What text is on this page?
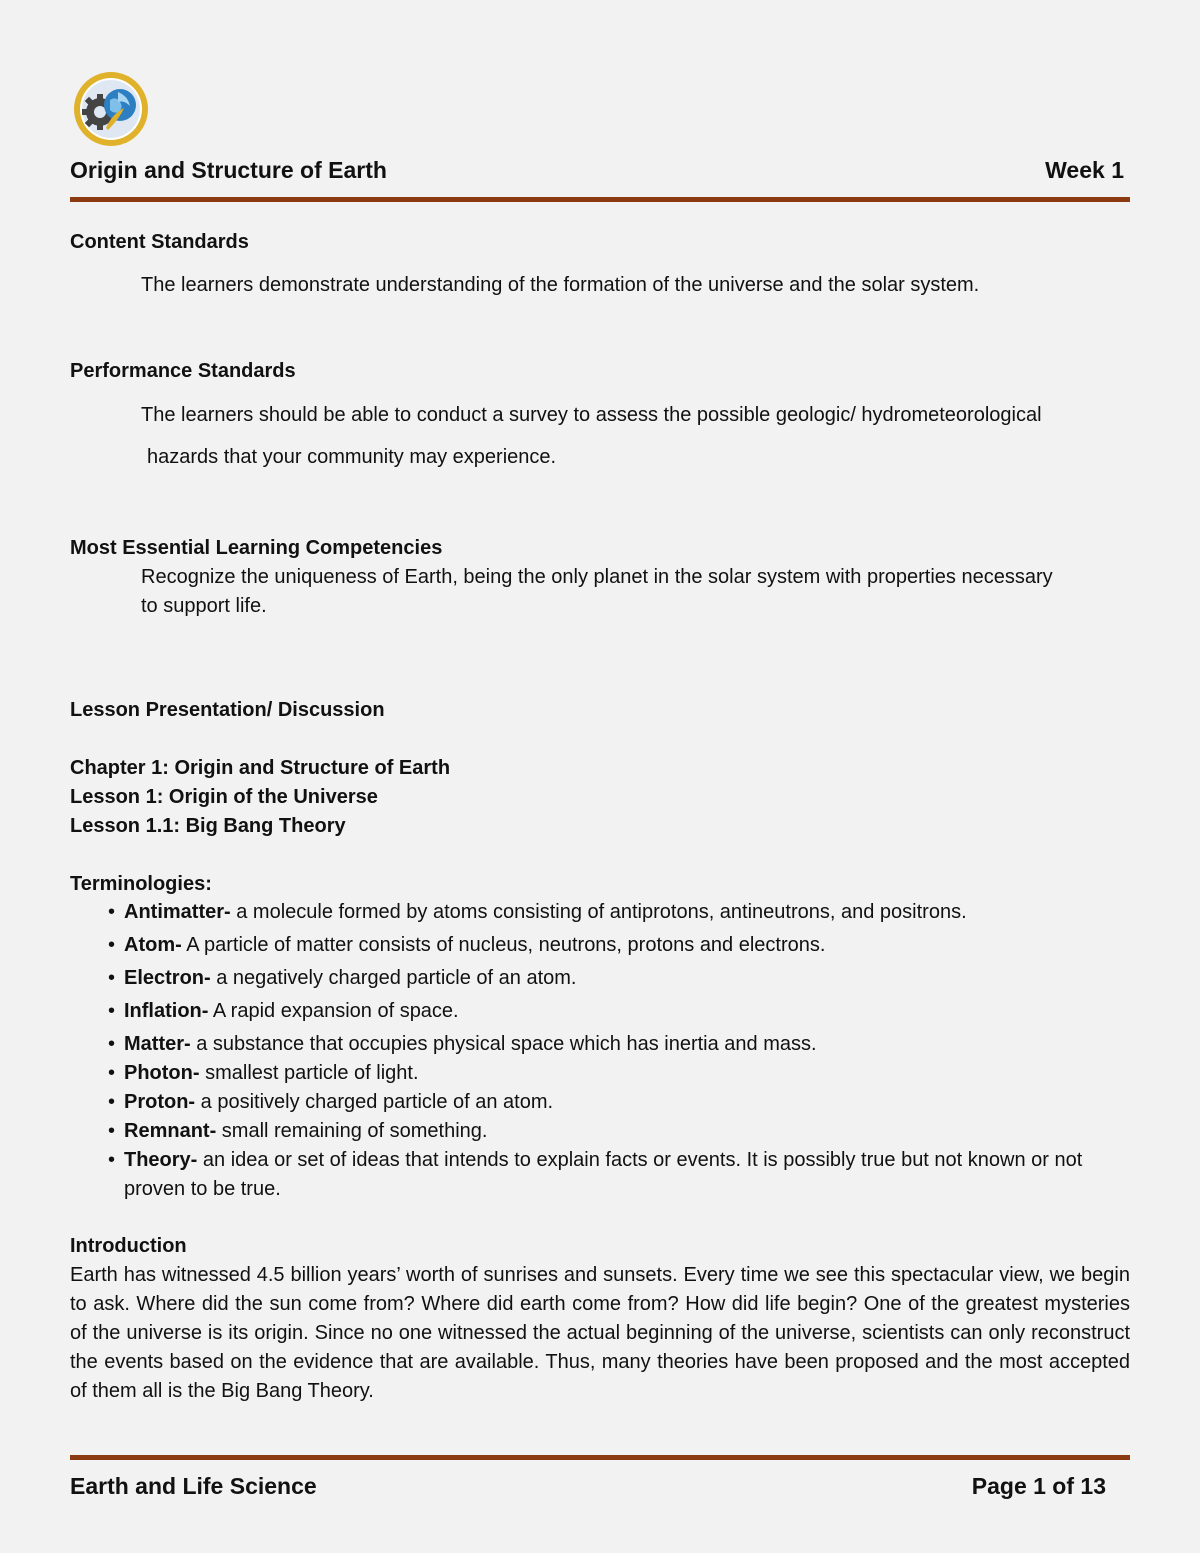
Origin and Structure of Earth	Week 1
Content Standards
The learners demonstrate understanding of the formation of the universe and the solar system.
Performance Standards
The learners should be able to conduct a survey to assess the possible geologic/ hydrometeorological
hazards that your community may experience.
Most Essential Learning Competencies
Recognize the uniqueness of Earth, being the only planet in the solar system with properties necessary
to support life.
Lesson Presentation/ Discussion
Chapter 1: Origin and Structure of Earth
Lesson 1: Origin of the Universe
Lesson 1.1: Big Bang Theory
Terminologies:
• Antimatter- a molecule formed by atoms consisting of antiprotons, antineutrons, and positrons.
• Atom- A particle of matter consists of nucleus, neutrons, protons and electrons.
• Electron- a negatively charged particle of an atom.
• Inflation- A rapid expansion of space.
• Matter- a substance that occupies physical space which has inertia and mass.
• Photon- smallest particle of light.
• Proton- a positively charged particle of an atom.
• Remnant- small remaining of something.
• Theory- an idea or set of ideas that intends to explain facts or events. It is possibly true but not known or not proven to be true.
Introduction
Earth has witnessed 4.5 billion years’ worth of sunrises and sunsets. Every time we see this spectacular view, we begin to ask. Where did the sun come from? Where did earth come from? How did life begin? One of the greatest mysteries of the universe is its origin. Since no one witnessed the actual beginning of the universe, scientists can only reconstruct the events based on the evidence that are available. Thus, many theories have been proposed and the most accepted of them all is the Big Bang Theory.
Earth and Life Science	Page 1 of 13
